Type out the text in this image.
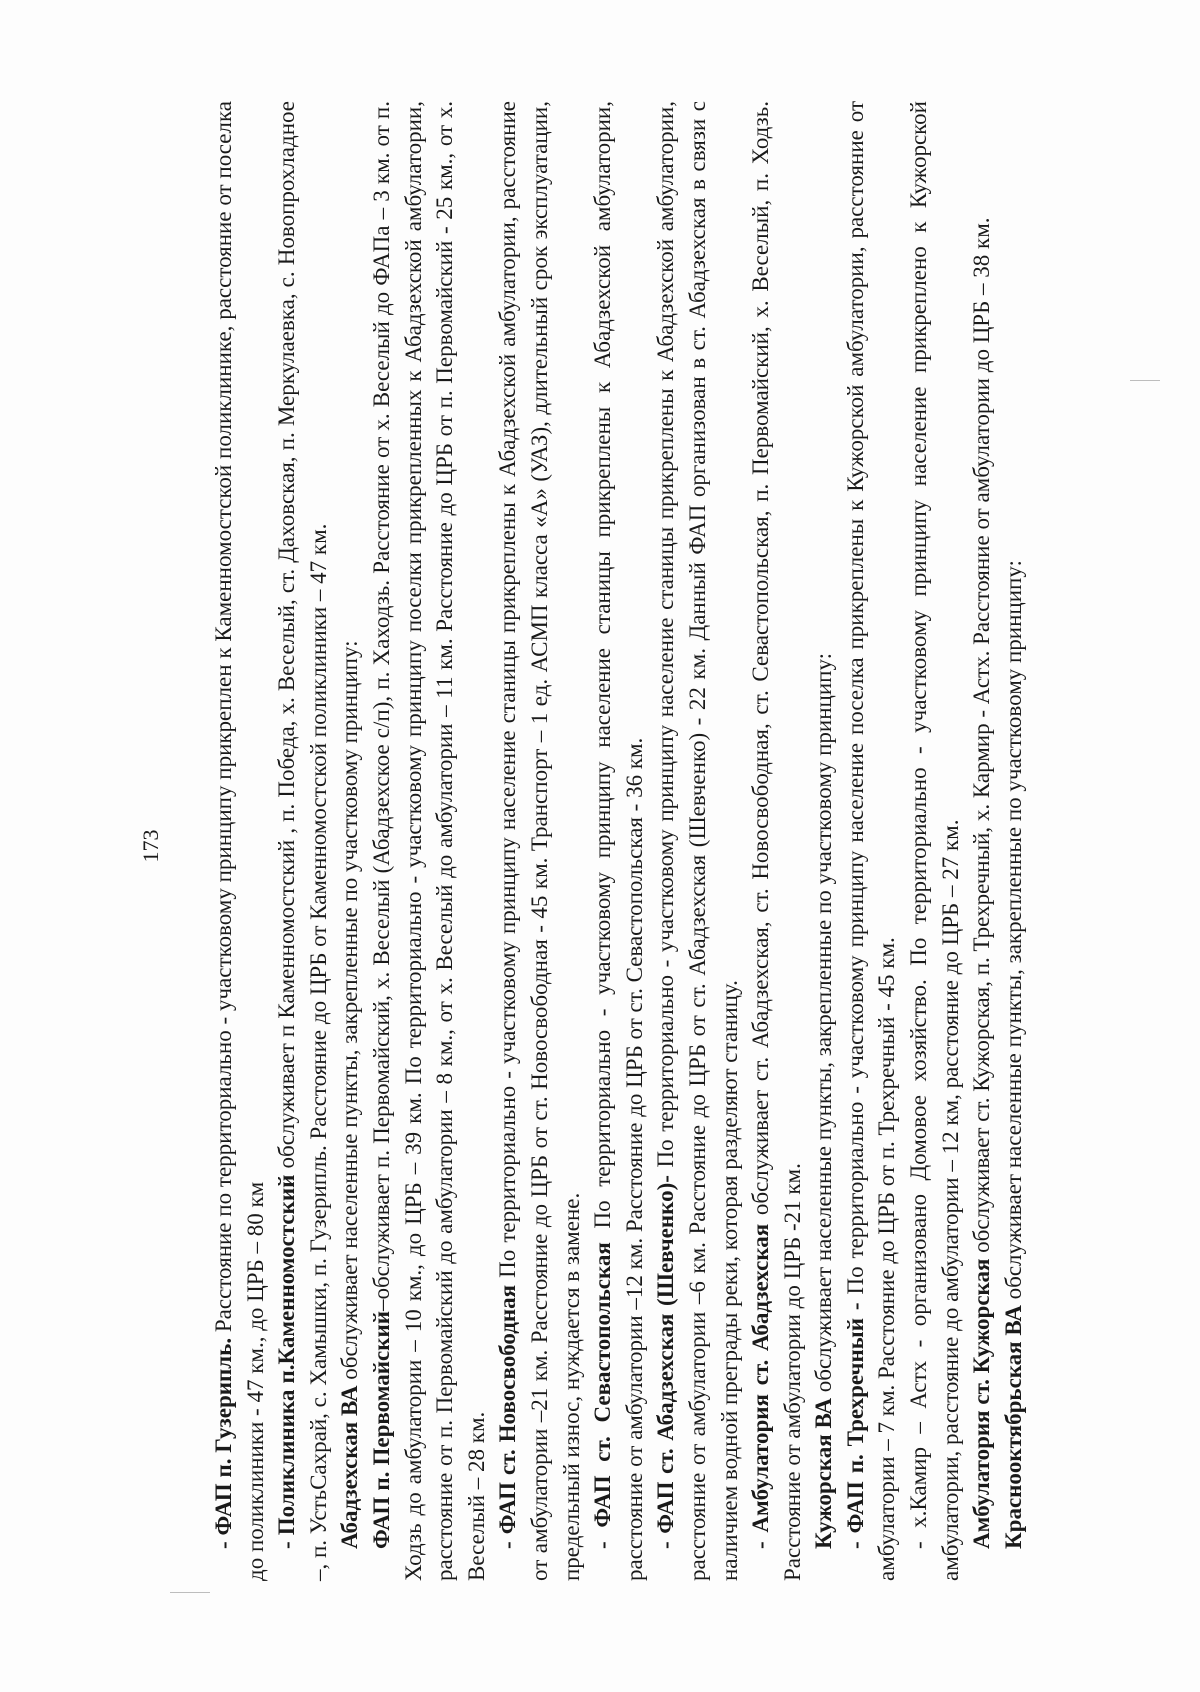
173

- ФАП п. Гузерипль. Расстояние по территориально - участковому принципу прикреплен к Каменномостской поликлинике, расстояние от поселка до поликлиники - 47 км., до ЦРБ – 80 км - Поликлиника п.Каменномостский обслуживает п Каменномостский , п. Победа, х. Веселый, ст. Даховская, п. Меркулаевка, с. Новопрохладное –, п. УстьСахрай, с. Хамышки, п. Гузерипль. Расстояние до ЦРБ от Каменномостской поликлиники – 47 км. Абадзехская ВА обслуживает населенные пункты, закрепленные по участковому принципу:

ФАП п. Первомайский–обслуживает п. Первомайский, х. Веселый (Абадзехское с/п), п. Хаходзь. Расстояние от х. Веселый до ФАПа – 3 км. от п. Ходзь до амбулатории – 10 км., до ЦРБ – 39 км. По территориально - участковому принципу поселки прикрепленных к Абадзехской амбулатории, расстояние от п. Первомайский до амбулатории – 8 км., от х. Веселый до амбулатории – 11 км. Расстояние до ЦРБ от п. Первомайский - 25 км., от х. Веселый – 28 км. - ФАП ст. Новосвободная По территориально - участковому принципу население станицы прикреплены к Абадзехской амбулатории, расстояние от амбулатории –21 км. Расстояние до ЦРБ от ст. Новосвободная - 45 км. Транспорт – 1 ед. АСМП класса «А» (УАЗ), длительный срок эксплуатации, предельный износ, нуждается в замене. - ФАП ст. Севастопольская По территориально - участковому принципу население станицы прикреплены к Абадзехской амбулатории, расстояние от амбулатории –12 км. Расстояние до ЦРБ от ст. Севастопольская - 36 км. - ФАП ст. Абадзехская (Шевченко)- По территориально - участковому принципу население станицы прикреплены к Абадзехской амбулатории, расстояние от амбулатории –6 км. Расстояние до ЦРБ от ст. Абадзехская (Шевченко) - 22 км. Данный ФАП организован в ст. Абадзехская в связи с наличием водной преграды реки, которая разделяют станицу. - Амбулатория ст. Абадзехская обслуживает ст. Абадзехская, ст. Новосвободная, ст. Севастопольская, п. Первомайский, х. Веселый, п. Ходзь. Расстояние от амбулатории до ЦРБ -21 км. Кужорская ВА обслуживает населенные пункты, закрепленные по участковому принципу:

- ФАП п. Трехречный - По территориально - участковому принципу население поселка прикреплены к Кужорской амбулатории, расстояние от амбулатории – 7 км. Расстояние до ЦРБ от п. Трехречный - 45 км. - х.Камир – Астх - организовано Домовое хозяйство. По территориально - участковому принципу население прикреплено к Кужорской амбулатории, расстояние до амбулатории – 12 км, расстояние до ЦРБ – 27 км. Амбулатория ст. Кужорская обслуживает ст. Кужорская, п. Трехречный, х. Кармир - Астх. Расстояние от амбулатории до ЦРБ – 38 км.

Краснооктябрьская ВА обслуживает населенные пункты, закрепленные по участковому принципу:
